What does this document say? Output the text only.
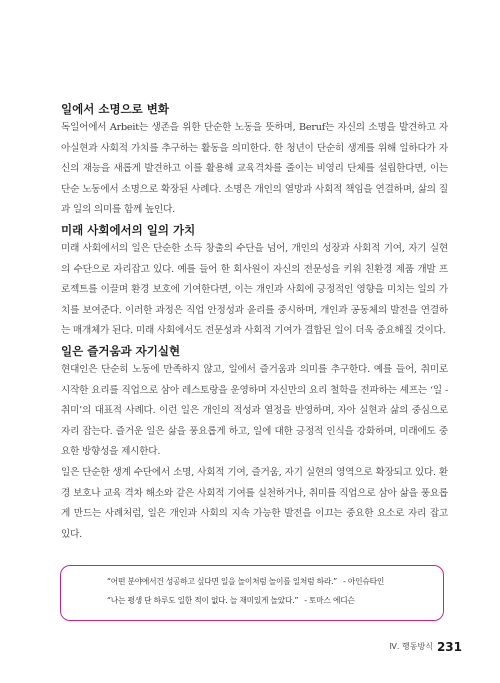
일에서 소명으로 변화

독일어에서 Arbeit는 생존을 위한 단순한 노동을 뜻하며, Beruf는 자신의 소명을 발견하고 자아실현과 사회적 가치를 추구하는 활동을 의미한다. 한 청년이 단순히 생계를 위해 일하다가 자신의 재능을 새롭게 발견하고 이를 활용해 교육격차를 줄이는 비영리 단체를 설립한다면, 이는 단순 노동에서 소명으로 확장된 사례다. 소명은 개인의 열망과 사회적 책임을 연결하며, 삶의 질과 일의 의미를 함께 높인다.

미래 사회에서의 일의 가치

미래 사회에서의 일은 단순한 소득 창출의 수단을 넘어, 개인의 성장과 사회적 기여, 자기 실현의 수단으로 자리잡고 있다. 예를 들어 한 회사원이 자신의 전문성을 키워 친환경 제품 개발 프로젝트를 이끌며 환경 보호에 기여한다면, 이는 개인과 사회에 긍정적인 영향을 미치는 일의 가치를 보여준다. 이러한 과정은 직업 안정성과 윤리를 중시하며, 개인과 공동체의 발전을 연결하는 매개체가 된다. 미래 사회에서도 전문성과 사회적 기여가 결합된 일이 더욱 중요해질 것이다.

일은 즐거움과 자기실현

현대인은 단순히 노동에 만족하지 않고, 일에서 즐거움과 의미를 추구한다. 예를 들어, 취미로 시작한 요리를 직업으로 삼아 레스토랑을 운영하며 자신만의 요리 철학을 전파하는 셰프는 ‘일 - 취미’의 대표적 사례다. 이런 일은 개인의 적성과 열정을 반영하며, 자아 실현과 삶의 중심으로 자리 잡는다. 즐거운 일은 삶을 풍요롭게 하고, 일에 대한 긍정적 인식을 강화하며, 미래에도 중요한 방향성을 제시한다.

일은 단순한 생계 수단에서 소명, 사회적 기여, 즐거움, 자기 실현의 영역으로 확장되고 있다. 환경 보호나 교육 격차 해소와 같은 사회적 기여를 실천하거나, 취미를 직업으로 삼아 삶을 풍요롭게 만드는 사례처럼, 일은 개인과 사회의 지속 가능한 발전을 이끄는 중요한 요소로 자리 잡고 있다.

“어떤 분야에서건 성공하고 싶다면 일을 놀이처럼 놀이를 일처럼 하라.” - 아인슈타인
“나는 평생 단 하루도 일한 적이 없다. 늘 재미있게 놀았다.” - 토마스 에디슨
Ⅳ. 행동방식 231
